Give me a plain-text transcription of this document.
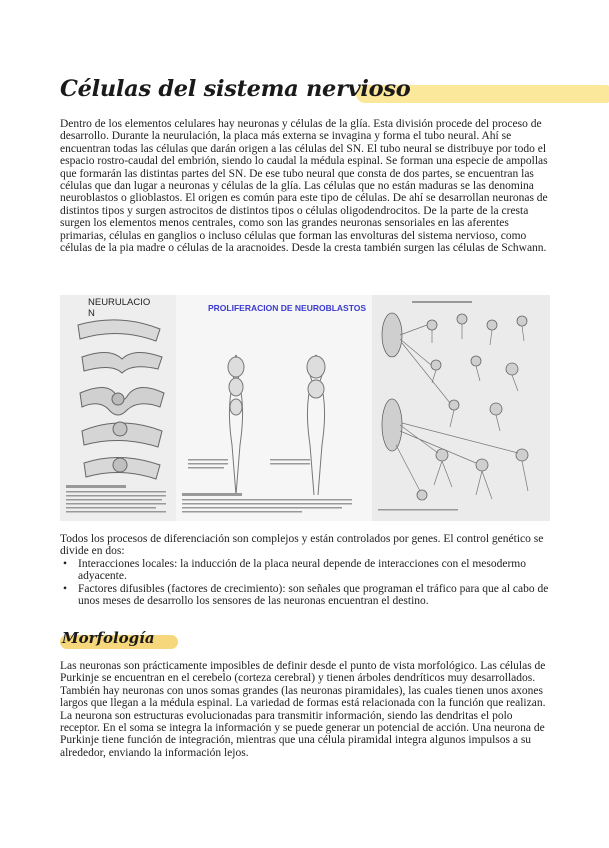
Células del sistema nervioso

Dentro de los elementos celulares hay neuronas y células de la glía. Esta división procede del proceso de desarrollo. Durante la neurulación, la placa más externa se invagina y forma el tubo neural. Ahí se encuentran todas las células que darán origen a las células del SN. El tubo neural se distribuye por todo el espacio rostro-caudal del embrión, siendo lo caudal la médula espinal. Se forman una especie de ampollas que formarán las distintas partes del SN. De ese tubo neural que consta de dos partes, se encuentran las células que dan lugar a neuronas y células de la glía. Las células que no están maduras se las denomina neuroblastos o glioblastos. El origen es común para este tipo de células. De ahí se desarrollan neuronas de distintos tipos y surgen astrocitos de distintos tipos o células oligodendrocitos. De la parte de la cresta surgen los elementos menos centrales, como son las grandes neuronas sensoriales en las aferentes primarias, células en ganglios o incluso células que forman las envolturas del sistema nervioso, como células de la pia madre o células de la aracnoides. Desde la cresta también surgen las células de Schwann.

NEURULACIO N	PROLIFERACION DE NEUROBLASTOS

Todos los procesos de diferenciación son complejos y están controlados por genes. El control genético se divide en dos:

• Interacciones locales: la inducción de la placa neural depende de interacciones con el mesodermo adyacente.
• Factores difusibles (factores de crecimiento): son señales que programan el tráfico para que al cabo de unos meses de desarrollo los sensores de las neuronas encuentran el destino.
Morfología

Las neuronas son prácticamente imposibles de definir desde el punto de vista morfológico. Las células de Purkinje se encuentran en el cerebelo (corteza cerebral) y tienen árboles dendríticos muy desarrollados. También hay neuronas con unos somas grandes (las neuronas piramidales), las cuales tienen unos axones largos que llegan a la médula espinal. La variedad de formas está relacionada con la función que realizan. La neurona son estructuras evolucionadas para transmitir información, siendo las dendritas el polo receptor. En el soma se integra la información y se puede generar un potencial de acción. Una neurona de Purkinje tiene función de integración, mientras que una célula piramidal integra algunos impulsos a su alrededor, enviando la información lejos.
